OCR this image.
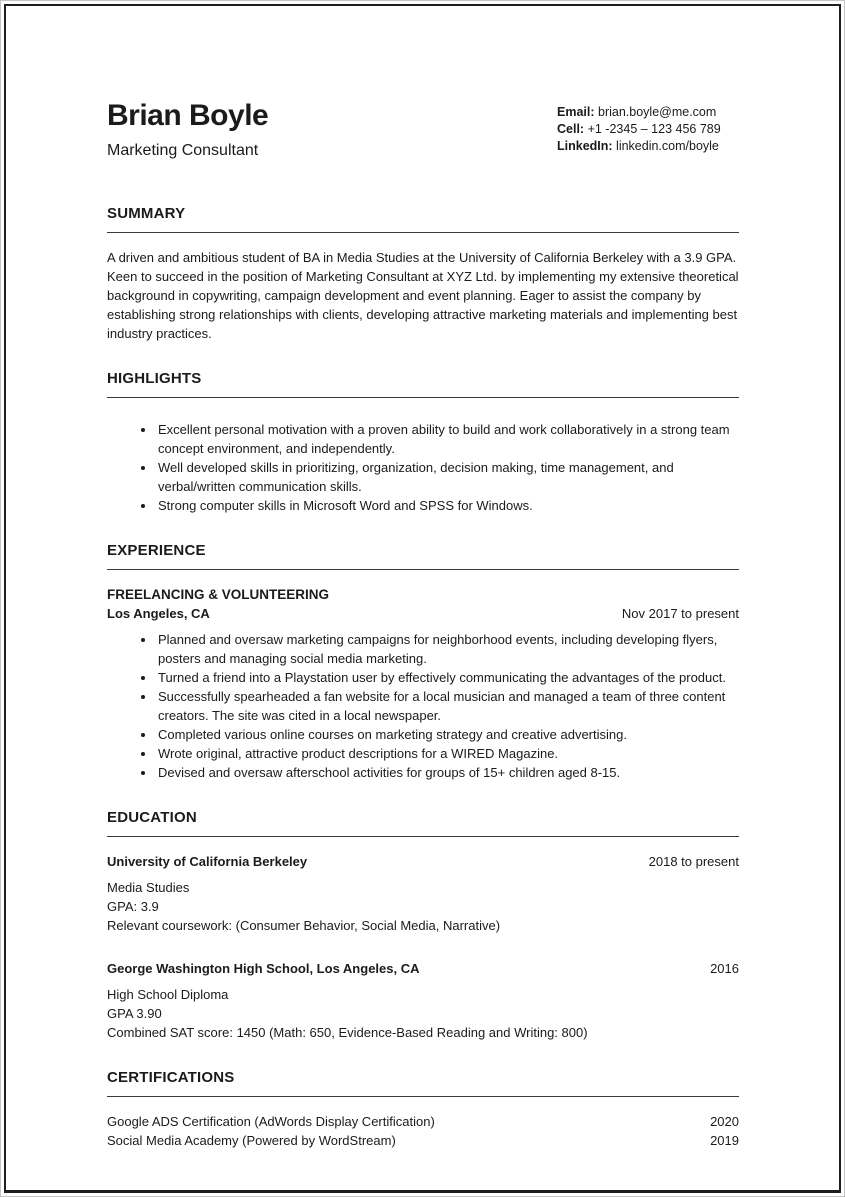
Brian Boyle
Marketing Consultant
Email: brian.boyle@me.com
Cell: +1 -2345 – 123 456 789
LinkedIn: linkedin.com/boyle
SUMMARY

A driven and ambitious student of BA in Media Studies at the University of California Berkeley with a 3.9 GPA. Keen to succeed in the position of Marketing Consultant at XYZ Ltd. by implementing my extensive theoretical background in copywriting, campaign development and event planning. Eager to assist the company by establishing strong relationships with clients, developing attractive marketing materials and implementing best industry practices.

HIGHLIGHTS
• Excellent personal motivation with a proven ability to build and work collaboratively in a strong team concept environment, and independently.
• Well developed skills in prioritizing, organization, decision making, time management, and verbal/written communication skills.
• Strong computer skills in Microsoft Word and SPSS for Windows.
EXPERIENCE
FREELANCING & VOLUNTEERING
Los Angeles, CA	Nov 2017 to present
• Planned and oversaw marketing campaigns for neighborhood events, including developing flyers, posters and managing social media marketing.
• Turned a friend into a Playstation user by effectively communicating the advantages of the product.
• Successfully spearheaded a fan website for a local musician and managed a team of three content creators. The site was cited in a local newspaper.
• Completed various online courses on marketing strategy and creative advertising.
• Wrote original, attractive product descriptions for a WIRED Magazine.
• Devised and oversaw afterschool activities for groups of 15+ children aged 8-15.
EDUCATION
University of California Berkeley	2018 to present
Media Studies
GPA: 3.9
Relevant coursework: (Consumer Behavior, Social Media, Narrative)
George Washington High School, Los Angeles, CA	2016
High School Diploma
GPA 3.90
Combined SAT score: 1450 (Math: 650, Evidence-Based Reading and Writing: 800)
CERTIFICATIONS
Google ADS Certification (AdWords Display Certification)	2020
Social Media Academy (Powered by WordStream)	2019
